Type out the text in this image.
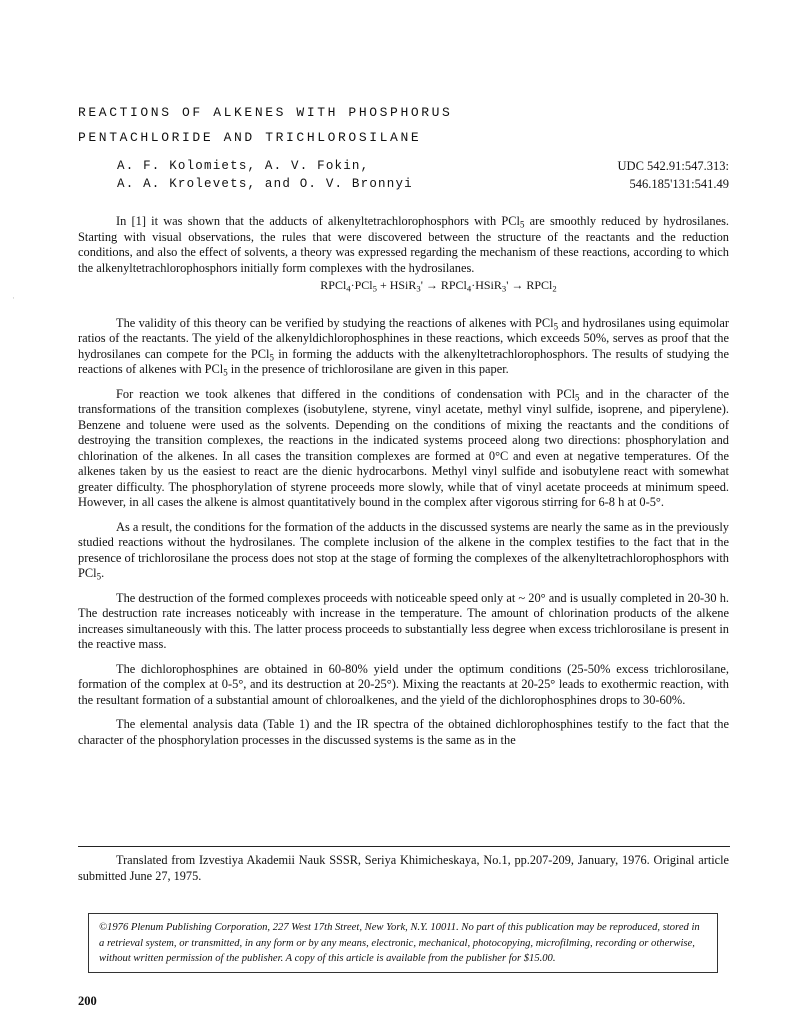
·
REACTIONS OF ALKENES WITH PHOSPHORUS
PENTACHLORIDE AND TRICHLOROSILANE
A. F. Kolomiets, A. V. Fokin,
A. A. Krolevets, and O. V. Bronnyi
UDC 542.91:547.313:
546.185'131:541.49

In [1] it was shown that the adducts of alkenyltetrachlorophosphors with PCl$_5$ are smoothly reduced by hydrosilanes. Starting with visual observations, the rules that were discovered between the structure of the reactants and the reduction conditions, and also the effect of solvents, a theory was expressed regarding the mechanism of these reactions, according to which the alkenyltetrachlorophosphors initially form complexes with the hydrosilanes.

RPCl$_4$·PCl$_5$ + HSiR$_3$' → RPCl$_4$·HSiR$_3$' → RPCl$_2$

The validity of this theory can be verified by studying the reactions of alkenes with PCl$_5$ and hydrosilanes using equimolar ratios of the reactants. The yield of the alkenyldichlorophosphines in these reactions, which exceeds 50%, serves as proof that the hydrosilanes can compete for the PCl$_5$ in forming the adducts with the alkenyltetrachlorophosphors. The results of studying the reactions of alkenes with PCl$_5$ in the presence of trichlorosilane are given in this paper.

For reaction we took alkenes that differed in the conditions of condensation with PCl$_5$ and in the character of the transformations of the transition complexes (isobutylene, styrene, vinyl acetate, methyl vinyl sulfide, isoprene, and piperylene). Benzene and toluene were used as the solvents. Depending on the conditions of mixing the reactants and the conditions of destroying the transition complexes, the reactions in the indicated systems proceed along two directions: phosphorylation and chlorination of the alkenes. In all cases the transition complexes are formed at 0°C and even at negative temperatures. Of the alkenes taken by us the easiest to react are the dienic hydrocarbons. Methyl vinyl sulfide and isobutylene react with somewhat greater difficulty. The phosphorylation of styrene proceeds more slowly, while that of vinyl acetate proceeds at minimum speed. However, in all cases the alkene is almost quantitatively bound in the complex after vigorous stirring for 6-8 h at 0-5°.

As a result, the conditions for the formation of the adducts in the discussed systems are nearly the same as in the previously studied reactions without the hydrosilanes. The complete inclusion of the alkene in the complex testifies to the fact that in the presence of trichlorosilane the process does not stop at the stage of forming the complexes of the alkenyltetrachlorophosphors with PCl$_5$.

The destruction of the formed complexes proceeds with noticeable speed only at ~ 20° and is usually completed in 20-30 h. The destruction rate increases noticeably with increase in the temperature. The amount of chlorination products of the alkene increases simultaneously with this. The latter process proceeds to substantially less degree when excess trichlorosilane is present in the reactive mass.

The dichlorophosphines are obtained in 60-80% yield under the optimum conditions (25-50% excess trichlorosilane, formation of the complex at 0-5°, and its destruction at 20-25°). Mixing the reactants at 20-25° leads to exothermic reaction, with the resultant formation of a substantial amount of chloroalkenes, and the yield of the dichlorophosphines drops to 30-60%.

The elemental analysis data (Table 1) and the IR spectra of the obtained dichlorophosphines testify to the fact that the character of the phosphorylation processes in the discussed systems is the same as in the

Translated from Izvestiya Akademii Nauk SSSR, Seriya Khimicheskaya, No.1, pp.207-209, January, 1976. Original article submitted June 27, 1975.
©1976 Plenum Publishing Corporation, 227 West 17th Street, New York, N.Y. 10011. No part of this publication may be reproduced, stored in a retrieval system, or transmitted, in any form or by any means, electronic, mechanical, photocopying, microfilming, recording or otherwise, without written permission of the publisher. A copy of this article is available from the publisher for $15.00.
200
